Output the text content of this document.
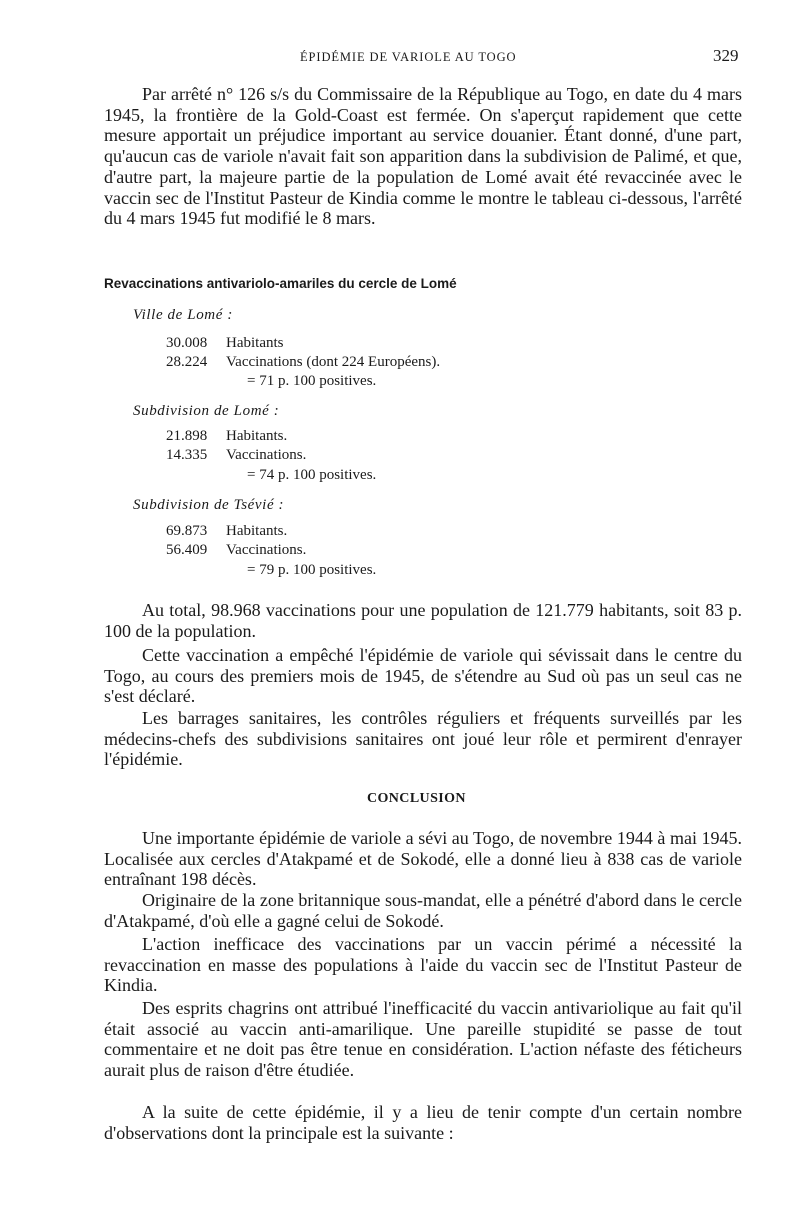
ÉPIDÉMIE DE VARIOLE AU TOGO	329

Par arrêté n° 126 s/s du Commissaire de la République au Togo, en date du 4 mars 1945, la frontière de la Gold-Coast est fermée. On s'aperçut rapidement que cette mesure apportait un préjudice important au service douanier. Étant donné, d'une part, qu'aucun cas de variole n'avait fait son apparition dans la subdivision de Palimé, et que, d'autre part, la majeure partie de la population de Lomé avait été revaccinée avec le vaccin sec de l'Institut Pasteur de Kindia comme le montre le tableau ci-dessous, l'arrêté du 4 mars 1945 fut modifié le 8 mars.

Revaccinations antivariolo-amariles du cercle de Lomé
Ville de Lomé :
30.008	Habitants
28.224	Vaccinations (dont 224 Européens).
= 71 p. 100 positives.
Subdivision de Lomé :
21.898	Habitants.
14.335	Vaccinations.
= 74 p. 100 positives.
Subdivision de Tsévié :
69.873	Habitants.
56.409	Vaccinations.
= 79 p. 100 positives.

Au total, 98.968 vaccinations pour une population de 121.779 habitants, soit 83 p. 100 de la population.

Cette vaccination a empêché l'épidémie de variole qui sévissait dans le centre du Togo, au cours des premiers mois de 1945, de s'étendre au Sud où pas un seul cas ne s'est déclaré.

Les barrages sanitaires, les contrôles réguliers et fréquents surveillés par les médecins-chefs des subdivisions sanitaires ont joué leur rôle et permirent d'enrayer l'épidémie.

CONCLUSION

Une importante épidémie de variole a sévi au Togo, de novembre 1944 à mai 1945. Localisée aux cercles d'Atakpamé et de Sokodé, elle a donné lieu à 838 cas de variole entraînant 198 décès.

Originaire de la zone britannique sous-mandat, elle a pénétré d'abord dans le cercle d'Atakpamé, d'où elle a gagné celui de Sokodé.

L'action inefficace des vaccinations par un vaccin périmé a nécessité la revaccination en masse des populations à l'aide du vaccin sec de l'Institut Pasteur de Kindia.

Des esprits chagrins ont attribué l'inefficacité du vaccin antivariolique au fait qu'il était associé au vaccin anti-amarilique. Une pareille stupidité se passe de tout commentaire et ne doit pas être tenue en considération. L'action néfaste des féticheurs aurait plus de raison d'être étudiée.

A la suite de cette épidémie, il y a lieu de tenir compte d'un certain nombre d'observations dont la principale est la suivante :
